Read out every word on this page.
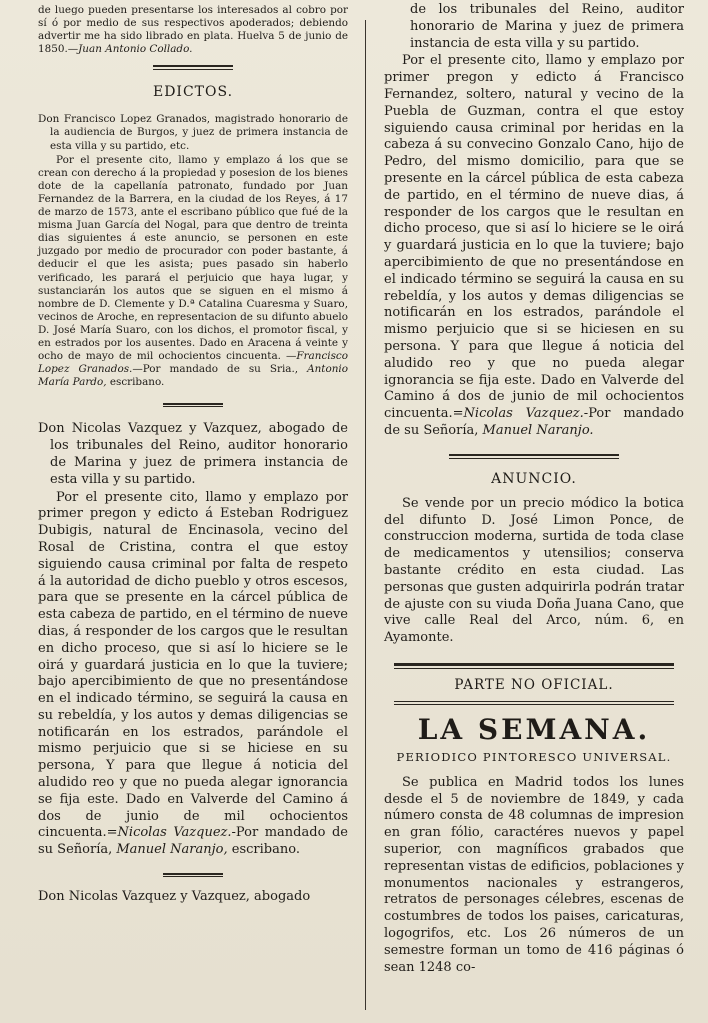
de luego pueden presentarse los interesados al cobro por sí ó por medio de sus respectivos apoderados; debiendo advertir me ha sido librado en plata. Huelva 5 de junio de 1850.—Juan Antonio Collado.

EDICTOS.

Don Francisco Lopez Granados, magistrado honorario de la audiencia de Burgos, y juez de primera instancia de esta villa y su partido, etc.

Por el presente cito, llamo y emplazo á los que se crean con derecho á la propiedad y posesion de los bienes dote de la capellanía patronato, fundado por Juan Fernandez de la Barrera, en la ciudad de los Reyes, á 17 de marzo de 1573, ante el escribano público que fué de la misma Juan García del Nogal, para que dentro de treinta dias siguientes á este anuncio, se personen en este juzgado por medio de procurador con poder bastante, á deducir el que les asista; pues pasado sin haberlo verificado, les parará el perjuicio que haya lugar, y sustanciarán los autos que se siguen en el mismo á nombre de D. Clemente y D.ª Catalina Cuaresma y Suaro, vecinos de Aroche, en representacion de su difunto abuelo D. José María Suaro, con los dichos, el promotor fiscal, y en estrados por los ausentes. Dado en Aracena á veinte y ocho de mayo de mil ochocientos cincuenta. —Francisco Lopez Granados.—Por mandado de su Sria., Antonio María Pardo, escribano.

Don Nicolas Vazquez y Vazquez, abogado de los tribunales del Reino, auditor honorario de Marina y juez de primera instancia de esta villa y su partido.

Por el presente cito, llamo y emplazo por primer pregon y edicto á Esteban Rodriguez Dubigis, natural de Encinasola, vecino del Rosal de Cristina, contra el que estoy siguiendo causa criminal por falta de respeto á la autoridad de dicho pueblo y otros escesos, para que se presente en la cárcel pública de esta cabeza de partido, en el término de nueve dias, á responder de los cargos que le resultan en dicho proceso, que si así lo hiciere se le oirá y guardará justicia en lo que la tuviere; bajo apercibimiento de que no presentándose en el indicado término, se seguirá la causa en su rebeldía, y los autos y demas diligencias se notificarán en los estrados, parándole el mismo perjuicio que si se hiciese en su persona, Y para que llegue á noticia del aludido reo y que no pueda alegar ignorancia se fija este. Dado en Valverde del Camino á dos de junio de mil ochocientos cincuenta.=Nicolas Vazquez.-Por mandado de su Señoría, Manuel Naranjo, escribano.

Don Nicolas Vazquez y Vazquez, abogado

de los tribunales del Reino, auditor honorario de Marina y juez de primera instancia de esta villa y su partido.

Por el presente cito, llamo y emplazo por primer pregon y edicto á Francisco Fernandez, soltero, natural y vecino de la Puebla de Guzman, contra el que estoy siguiendo causa criminal por heridas en la cabeza á su convecino Gonzalo Cano, hijo de Pedro, del mismo domicilio, para que se presente en la cárcel pública de esta cabeza de partido, en el término de nueve dias, á responder de los cargos que le resultan en dicho proceso, que si así lo hiciere se le oirá y guardará justicia en lo que la tuviere; bajo apercibimiento de que no presentándose en el indicado término se seguirá la causa en su rebeldía, y los autos y demas diligencias se notificarán en los estrados, parándole el mismo perjuicio que si se hiciesen en su persona. Y para que llegue á noticia del aludido reo y que no pueda alegar ignorancia se fija este. Dado en Valverde del Camino á dos de junio de mil ochocientos cincuenta.=Nicolas Vazquez.-Por mandado de su Señoría, Manuel Naranjo.

ANUNCIO.

Se vende por un precio módico la botica del difunto D. José Limon Ponce, de construccion moderna, surtida de toda clase de medicamentos y utensilios; conserva bastante crédito en esta ciudad. Las personas que gusten adquirirla podrán tratar de ajuste con su viuda Doña Juana Cano, que vive calle Real del Arco, núm. 6, en Ayamonte.

PARTE NO OFICIAL.
LA SEMANA.
PERIODICO PINTORESCO UNIVERSAL.

Se publica en Madrid todos los lunes desde el 5 de noviembre de 1849, y cada número consta de 48 columnas de impresion en gran fólio, caractéres nuevos y papel superior, con magníficos grabados que representan vistas de edificios, poblaciones y monumentos nacionales y estrangeros, retratos de personages célebres, escenas de costumbres de todos los paises, caricaturas, logogrifos, etc. Los 26 números de un semestre forman un tomo de 416 páginas ó sean 1248 co-
